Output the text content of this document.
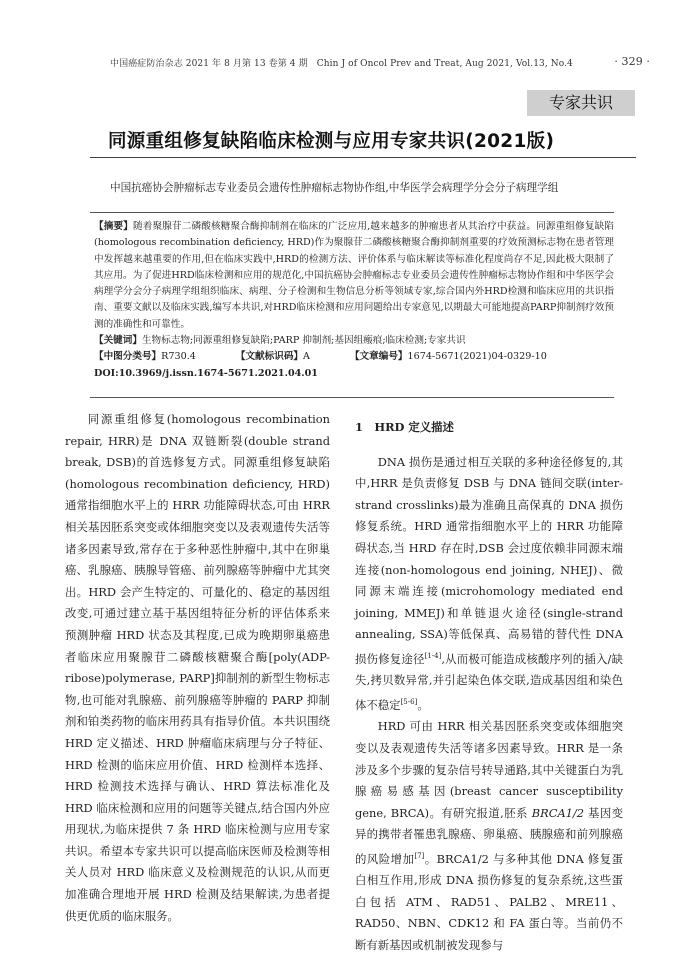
中国癌症防治杂志 2021 年 8 月第 13 卷第 4 期　Chin J of Oncol Prev and Treat, Aug 2021, Vol.13, No.4	· 329 ·
专家共识
同源重组修复缺陷临床检测与应用专家共识(2021版)
中国抗癌协会肿瘤标志专业委员会遗传性肿瘤标志物协作组,中华医学会病理学分会分子病理学组

【摘要】随着聚腺苷二磷酸核糖聚合酶抑制剂在临床的广泛应用,越来越多的肿瘤患者从其治疗中获益。同源重组修复缺陷(homologous recombination deficiency, HRD)作为聚腺苷二磷酸核糖聚合酶抑制剂重要的疗效预测标志物在患者管理中发挥越来越重要的作用,但在临床实践中,HRD的检测方法、评价体系与临床解读等标准化程度尚存不足,因此极大限制了其应用。为了促进HRD临床检测和应用的规范化,中国抗癌协会肿瘤标志专业委员会遗传性肿瘤标志物协作组和中华医学会病理学分会分子病理学组组织临床、病理、分子检测和生物信息分析等领域专家,综合国内外HRD检测和临床应用的共识指南、重要文献以及临床实践,编写本共识,对HRD临床检测和应用问题给出专家意见,以期最大可能地提高PARP抑制剂疗效预测的准确性和可靠性。

【关键词】生物标志物;同源重组修复缺陷;PARP 抑制剂;基因组瘢痕;临床检测;专家共识

【中图分类号】R730.4	【文献标识码】A	【文章编号】1674-5671(2021)04-0329-10

DOI:10.3969/j.issn.1674-5671.2021.04.01

同源重组修复(homologous recombination repair, HRR)是 DNA 双链断裂(double strand break, DSB)的首选修复方式。同源重组修复缺陷(homologous recombination deficiency, HRD)通常指细胞水平上的 HRR 功能障碍状态,可由 HRR 相关基因胚系突变或体细胞突变以及表观遗传失活等诸多因素导致,常存在于多种恶性肿瘤中,其中在卵巢癌、乳腺癌、胰腺导管癌、前列腺癌等肿瘤中尤其突出。HRD 会产生特定的、可量化的、稳定的基因组改变,可通过建立基于基因组特征分析的评估体系来预测肿瘤 HRD 状态及其程度,已成为晚期卵巢癌患者临床应用聚腺苷二磷酸核糖聚合酶[poly(ADP-ribose)polymerase, PARP]抑制剂的新型生物标志物,也可能对乳腺癌、前列腺癌等肿瘤的 PARP 抑制剂和铂类药物的临床用药具有指导价值。本共识围绕 HRD 定义描述、HRD 肿瘤临床病理与分子特征、HRD 检测的临床应用价值、HRD 检测样本选择、HRD 检测技术选择与确认、HRD 算法标准化及 HRD 临床检测和应用的问题等关键点,结合国内外应用现状,为临床提供 7 条 HRD 临床检测与应用专家共识。希望本专家共识可以提高临床医师及检测等相关人员对 HRD 临床意义及检测规范的认识,从而更加准确合理地开展 HRD 检测及结果解读,为患者提供更优质的临床服务。

1　HRD 定义描述

DNA 损伤是通过相互关联的多种途径修复的,其中,HRR 是负责修复 DSB 与 DNA 链间交联(inter-strand crosslinks)最为准确且高保真的 DNA 损伤修复系统。HRD 通常指细胞水平上的 HRR 功能障碍状态,当 HRD 存在时,DSB 会过度依赖非同源末端连接(non-homologous end joining, NHEJ)、微同源末端连接(microhomology mediated end joining, MMEJ)和单链退火途径(single-strand annealing, SSA)等低保真、高易错的替代性 DNA 损伤修复途径[1-4],从而极可能造成核酸序列的插入/缺失,拷贝数异常,并引起染色体交联,造成基因组和染色体不稳定[5-6]。

HRD 可由 HRR 相关基因胚系突变或体细胞突变以及表观遗传失活等诸多因素导致。HRR 是一条涉及多个步骤的复杂信号转导通路,其中关键蛋白为乳腺癌易感基因(breast cancer susceptibility gene, BRCA)。有研究报道,胚系 BRCA1/2 基因变异的携带者罹患乳腺癌、卵巢癌、胰腺癌和前列腺癌的风险增加[7]。BRCA1/2 与多种其他 DNA 修复蛋白相互作用,形成 DNA 损伤修复的复杂系统,这些蛋白包括 ATM、RAD51、PALB2、MRE11、RAD50、NBN、CDK12 和 FA 蛋白等。当前仍不断有新基因或机制被发现参与
